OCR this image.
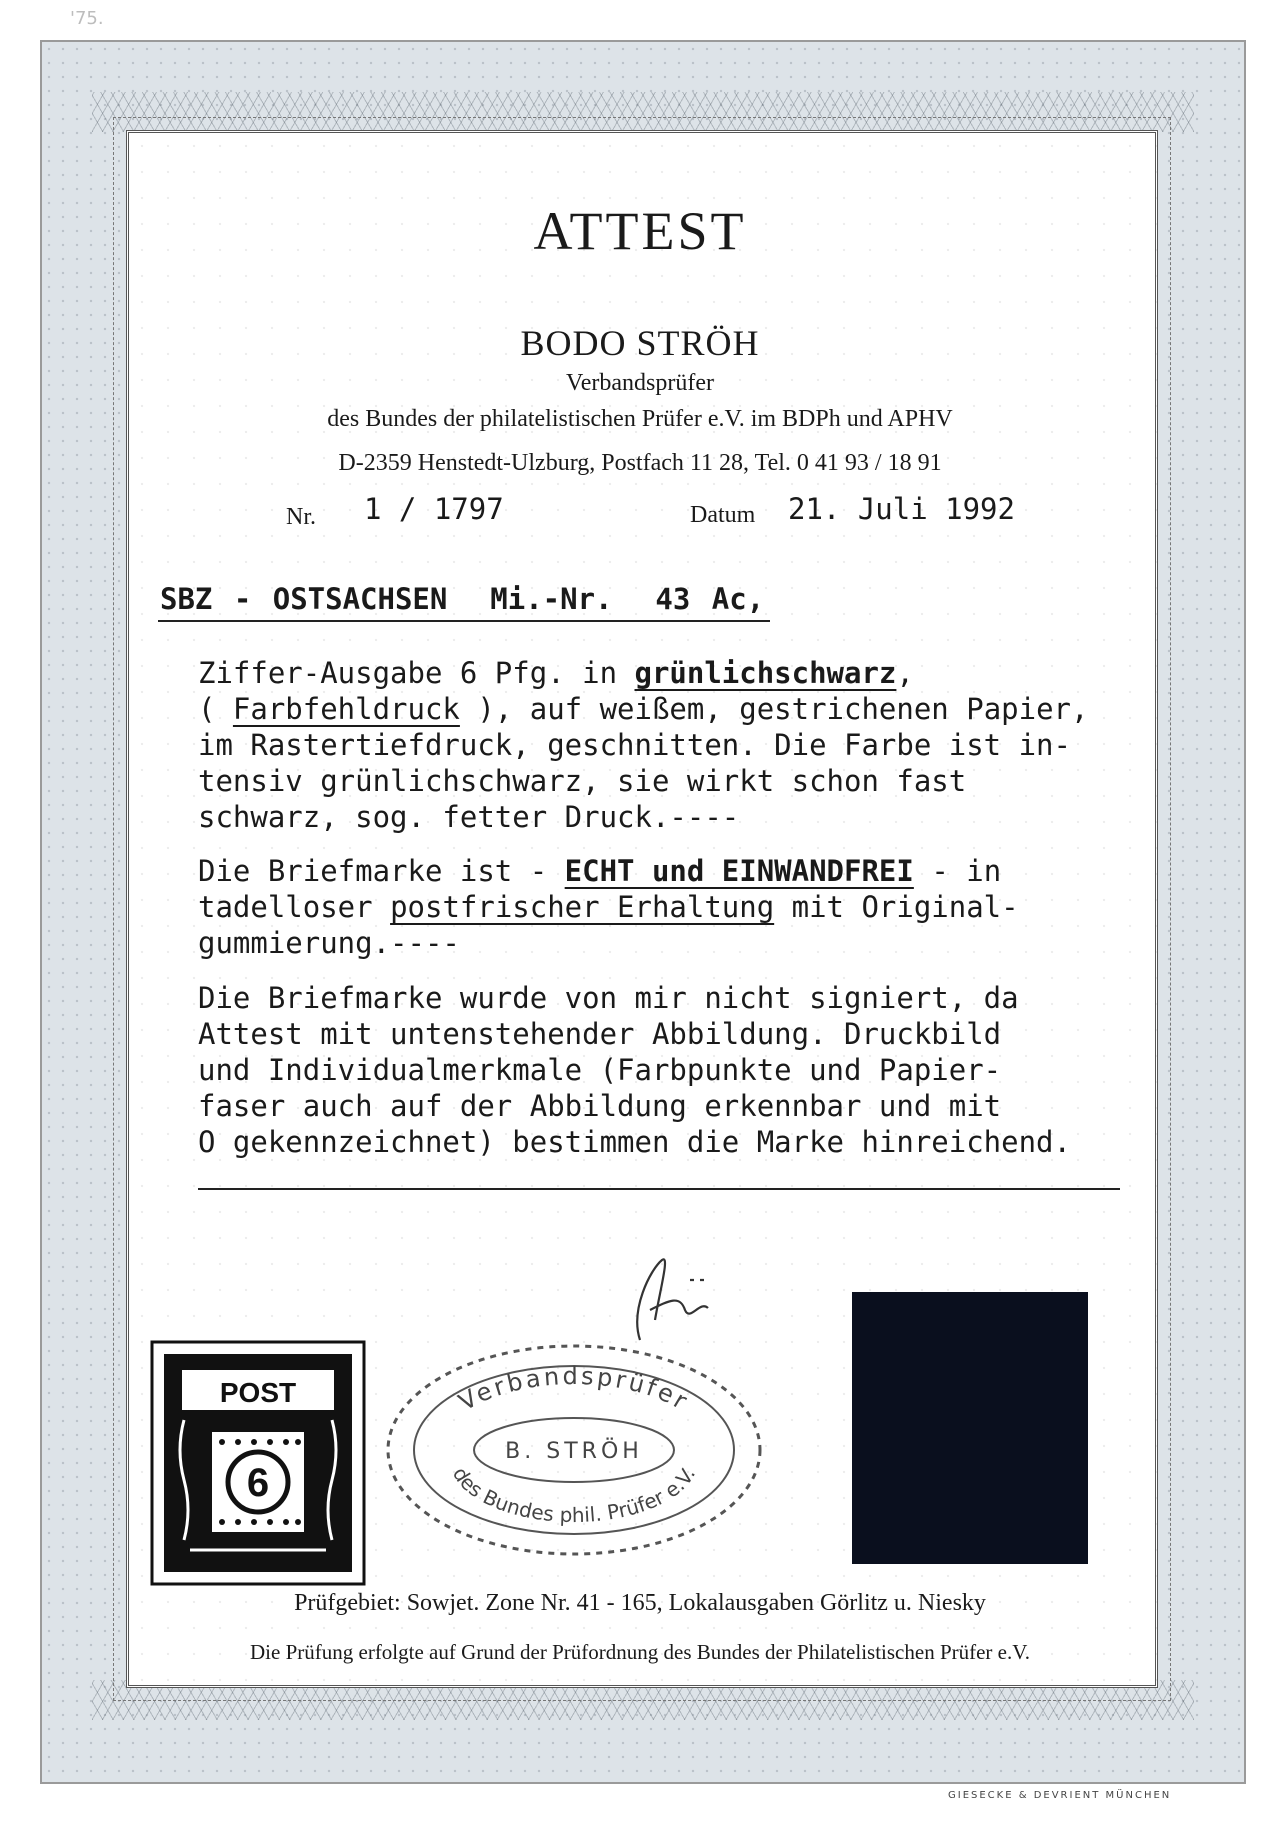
'75.
ATTEST
BODO STRÖH
Verbandsprüfer
des Bundes der philatelistischen Prüfer e.V. im BDPh und APHV
D-2359 Henstedt-Ulzburg, Postfach 11 28, Tel. 0 41 93 / 18 91
Nr. 1 / 1797	Datum 21. Juli 1992
SBZ - OSTSACHSEN  Mi.-Nr.  43 Ac,
Ziffer-Ausgabe 6 Pfg. in grünlichschwarz,
( Farbfehldruck ), auf weißem, gestrichenen Papier,
im Rastertiefdruck, geschnitten. Die Farbe ist in-
tensiv grünlichschwarz, sie wirkt schon fast
schwarz, sog. fetter Druck.----
Die Briefmarke ist - ECHT und EINWANDFREI - in
tadelloser postfrischer Erhaltung mit Original-
gummierung.----
Die Briefmarke wurde von mir nicht signiert, da
Attest mit untenstehender Abbildung. Druckbild
und Individualmerkmale (Farbpunkte und Papier-
faser auch auf der Abbildung erkennbar und mit
O gekennzeichnet) bestimmen die Marke hinreichend.
POST
6
Verbandsprüfer
B. STRÖH
des Bundes phil. Prüfer e.V.
Prüfgebiet: Sowjet. Zone Nr. 41 - 165, Lokalausgaben Görlitz u. Niesky
Die Prüfung erfolgte auf Grund der Prüfordnung des Bundes der Philatelistischen Prüfer e.V.
GIESECKE & DEVRIENT MÜNCHEN
